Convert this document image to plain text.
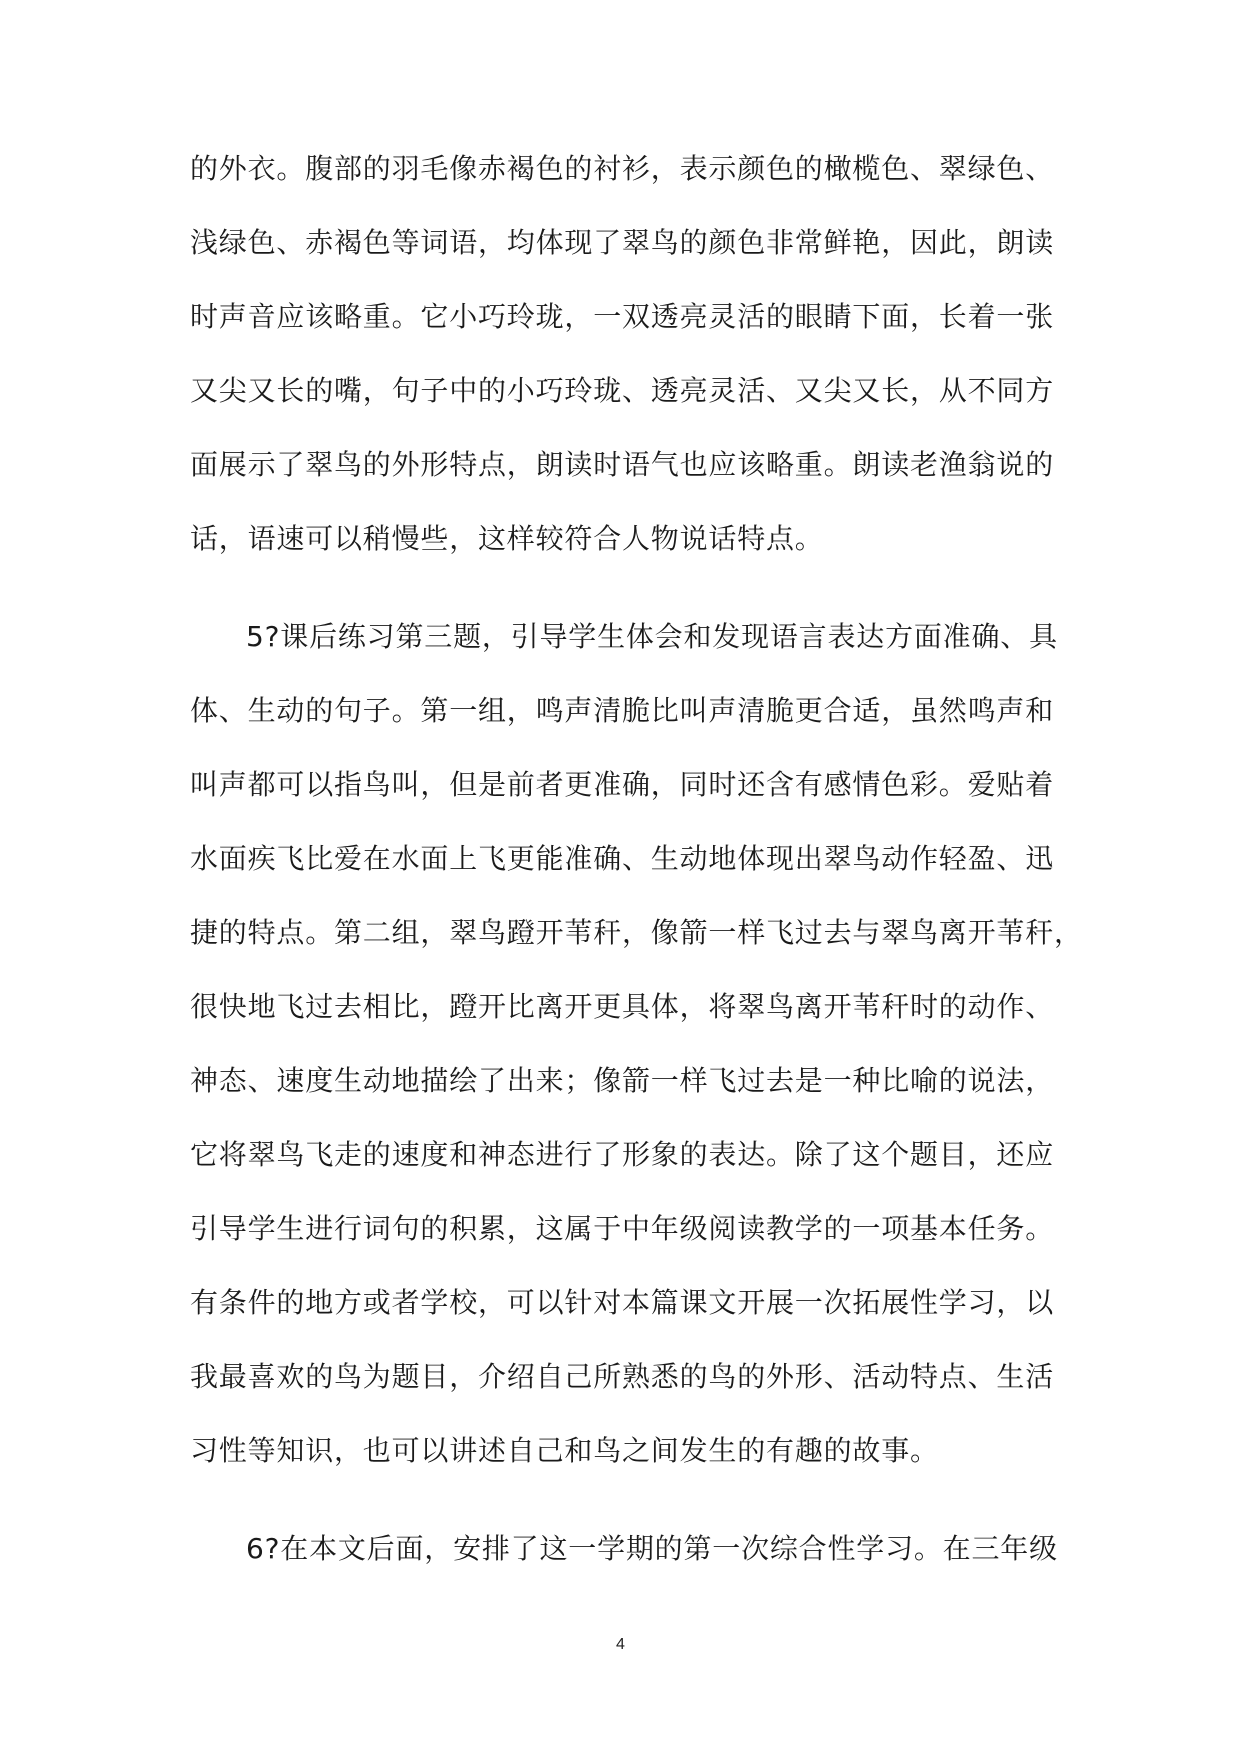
的外衣。腹部的羽毛像赤褐色的衬衫，表示颜色的橄榄色、翠绿色、
浅绿色、赤褐色等词语，均体现了翠鸟的颜色非常鲜艳，因此，朗读
时声音应该略重。它小巧玲珑，一双透亮灵活的眼睛下面，长着一张
又尖又长的嘴，句子中的小巧玲珑、透亮灵活、又尖又长，从不同方
面展示了翠鸟的外形特点，朗读时语气也应该略重。朗读老渔翁说的
话，语速可以稍慢些，这样较符合人物说话特点。
5?课后练习第三题，引导学生体会和发现语言表达方面准确、具
体、生动的句子。第一组，鸣声清脆比叫声清脆更合适，虽然鸣声和
叫声都可以指鸟叫，但是前者更准确，同时还含有感情色彩。爱贴着
水面疾飞比爱在水面上飞更能准确、生动地体现出翠鸟动作轻盈、迅
捷的特点。第二组，翠鸟蹬开苇秆，像箭一样飞过去与翠鸟离开苇秆，
很快地飞过去相比，蹬开比离开更具体，将翠鸟离开苇秆时的动作、
神态、速度生动地描绘了出来；像箭一样飞过去是一种比喻的说法，
它将翠鸟飞走的速度和神态进行了形象的表达。除了这个题目，还应
引导学生进行词句的积累，这属于中年级阅读教学的一项基本任务。
有条件的地方或者学校，可以针对本篇课文开展一次拓展性学习，以
我最喜欢的鸟为题目，介绍自己所熟悉的鸟的外形、活动特点、生活
习性等知识，也可以讲述自己和鸟之间发生的有趣的故事。
6?在本文后面，安排了这一学期的第一次综合性学习。在三年级
4
